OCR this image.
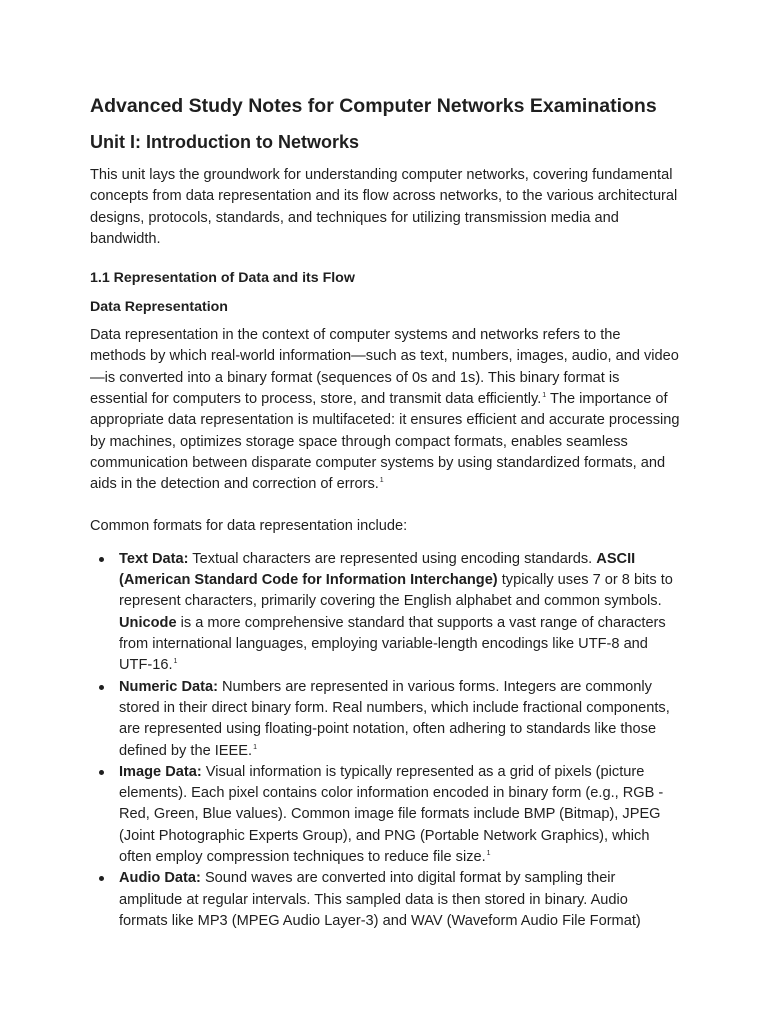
Advanced Study Notes for Computer Networks Examinations
Unit I: Introduction to Networks

This unit lays the groundwork for understanding computer networks, covering fundamental concepts from data representation and its flow across networks, to the various architectural designs, protocols, standards, and techniques for utilizing transmission media and bandwidth.

1.1 Representation of Data and its Flow
Data Representation

Data representation in the context of computer systems and networks refers to the methods by which real-world information—such as text, numbers, images, audio, and video—is converted into a binary format (sequences of 0s and 1s). This binary format is essential for computers to process, store, and transmit data efficiently.$^1$ The importance of appropriate data representation is multifaceted: it ensures efficient and accurate processing by machines, optimizes storage space through compact formats, enables seamless communication between disparate computer systems by using standardized formats, and aids in the detection and correction of errors.$^1$

Common formats for data representation include:

Text Data: Textual characters are represented using encoding standards. ASCII (American Standard Code for Information Interchange) typically uses 7 or 8 bits to represent characters, primarily covering the English alphabet and common symbols. Unicode is a more comprehensive standard that supports a vast range of characters from international languages, employing variable-length encodings like UTF-8 and UTF-16.$^1$
Numeric Data: Numbers are represented in various forms. Integers are commonly stored in their direct binary form. Real numbers, which include fractional components, are represented using floating-point notation, often adhering to standards like those defined by the IEEE.$^1$
Image Data: Visual information is typically represented as a grid of pixels (picture elements). Each pixel contains color information encoded in binary form (e.g., RGB - Red, Green, Blue values). Common image file formats include BMP (Bitmap), JPEG (Joint Photographic Experts Group), and PNG (Portable Network Graphics), which often employ compression techniques to reduce file size.$^1$
Audio Data: Sound waves are converted into digital format by sampling their amplitude at regular intervals. This sampled data is then stored in binary. Audio formats like MP3 (MPEG Audio Layer-3) and WAV (Waveform Audio File Format)
